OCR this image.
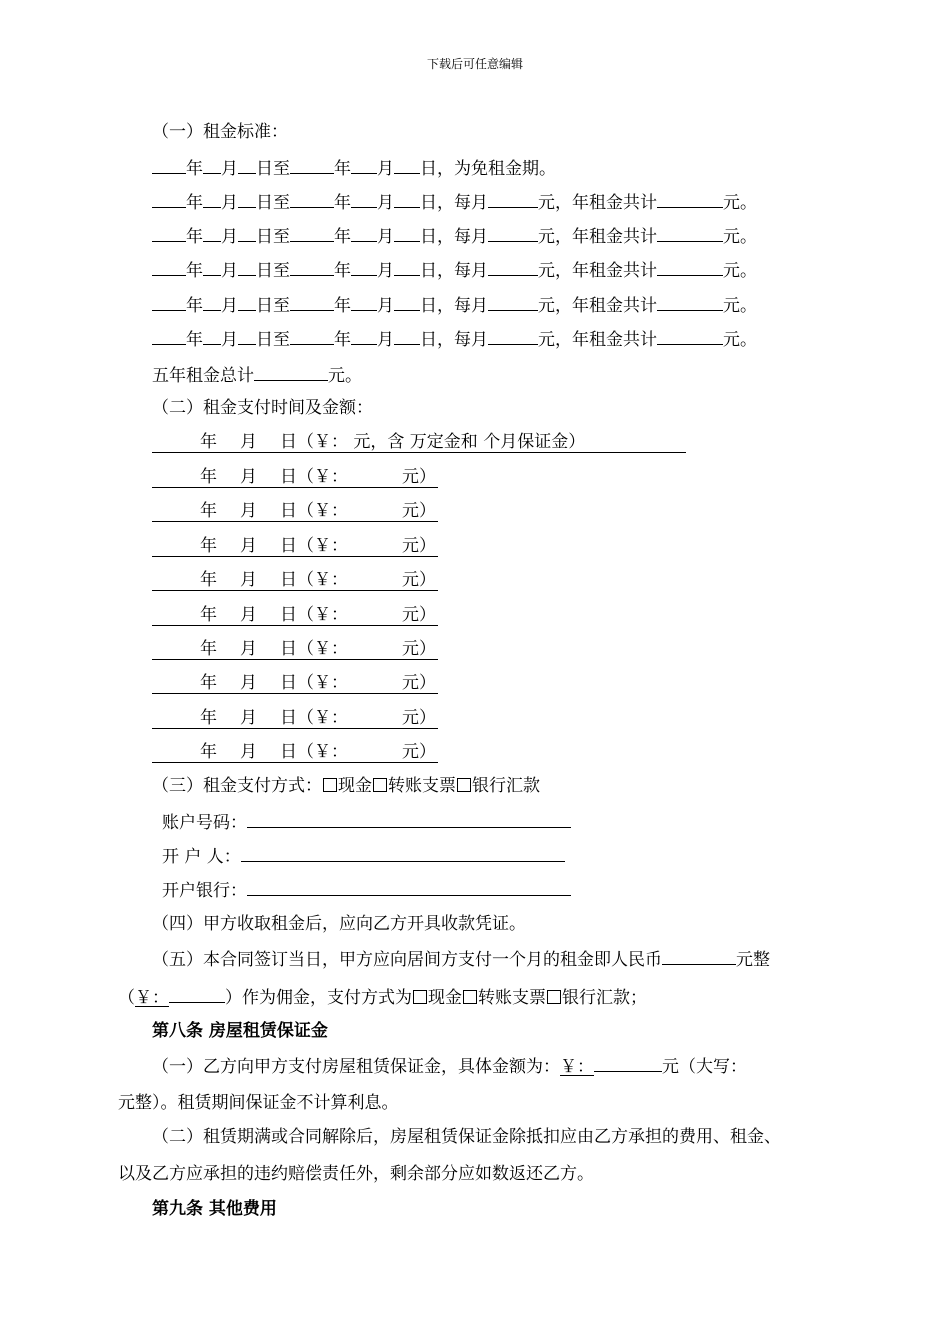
下载后可任意编辑
（一）租金标准：
年 月 日至	年 月 日，为免租金期。
年 月 日至	年 月 日，每月	元，年租金共计	元。
年 月 日至	年 月 日，每月	元，年租金共计	元。
年 月 日至	年 月 日，每月	元，年租金共计	元。
年 月 日至	年 月 日，每月	元，年租金共计	元。
年 月 日至	年 月 日，每月	元，年租金共计	元。
五年租金总计	元。
（二）租金支付时间及金额：
年 月 日 （￥： 元，含 万定金和 个月保证金）
年 月 日 （￥：	元）
年 月 日 （￥：	元）
年 月 日 （￥：	元）
年 月 日 （￥：	元）
年 月 日 （￥：	元）
年 月 日 （￥：	元）
年 月 日 （￥：	元）
年 月 日 （￥：	元）
年 月 日 （￥：	元）
（三）租金支付方式： 现金 转账支票 银行汇款
账户号码：
开 户 人：
开户银行：
（四）甲方收取租金后，应向乙方开具收款凭证。
（五）本合同签订当日，甲方应向居间方支付一个月的租金即人民币	元整
（￥：	）作为佣金，支付方式为 现金 转账支票 银行汇款；
第八条 房屋租赁保证金
（一）乙方向甲方支付房屋租赁保证金，具体金额为：￥：	元（大写：
元整）。租赁期间保证金不计算利息。
（二）租赁期满或合同解除后，房屋租赁保证金除抵扣应由乙方承担的费用、租金、
以及乙方应承担的违约赔偿责任外，剩余部分应如数返还乙方。
第九条 其他费用
